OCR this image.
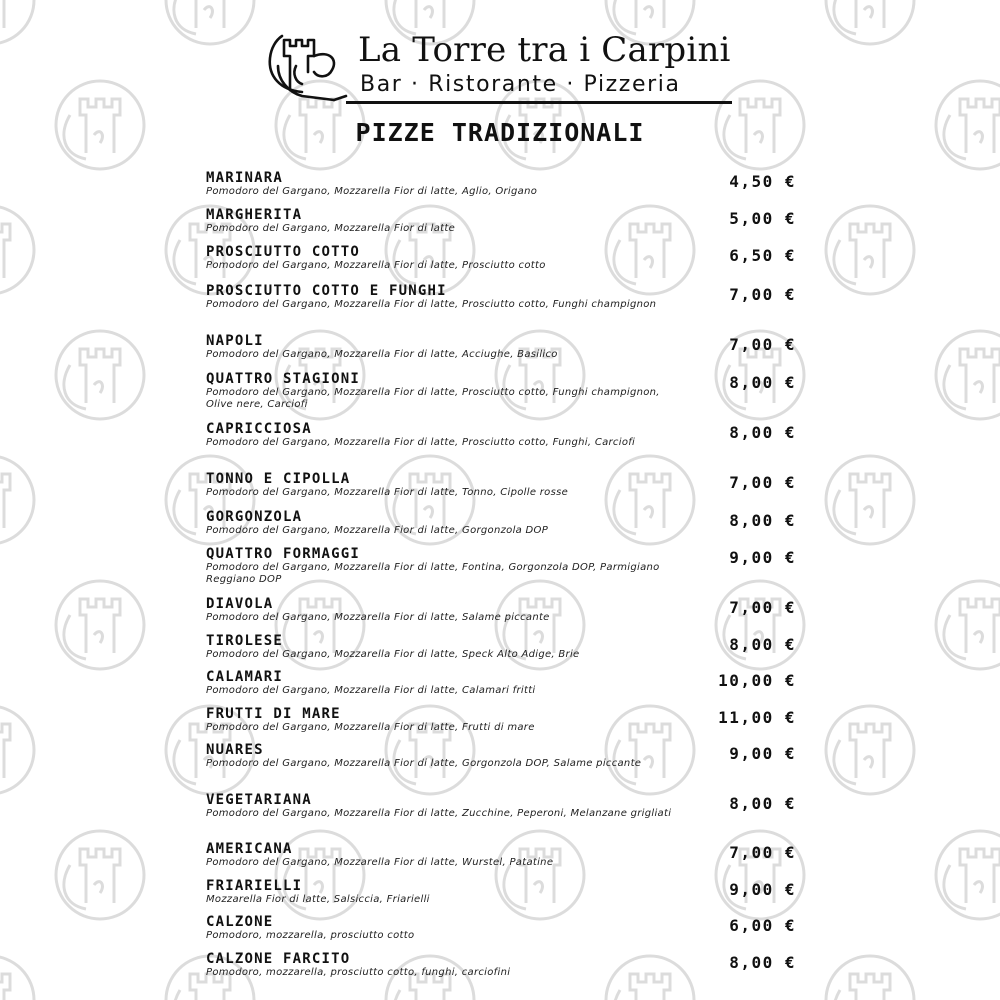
La Torre tra i Carpini
Bar · Ristorante · Pizzeria
PIZZE TRADIZIONALI
MARINARA
Pomodoro del Gargano, Mozzarella Fior di latte, Aglio, Origano
4,50 €
MARGHERITA
Pomodoro del Gargano, Mozzarella Fior di latte
5,00 €
PROSCIUTTO COTTO
Pomodoro del Gargano, Mozzarella Fior di latte, Prosciutto cotto
6,50 €
PROSCIUTTO COTTO E FUNGHI
Pomodoro del Gargano, Mozzarella Fior di latte, Prosciutto cotto, Funghi champignon
7,00 €
NAPOLI
Pomodoro del Gargano, Mozzarella Fior di latte, Acciughe, Basilico
7,00 €
QUATTRO STAGIONI
Pomodoro del Gargano, Mozzarella Fior di latte, Prosciutto cotto, Funghi champignon, Olive nere, Carciofi
8,00 €
CAPRICCIOSA
Pomodoro del Gargano, Mozzarella Fior di latte, Prosciutto cotto, Funghi, Carciofi
8,00 €
TONNO E CIPOLLA
Pomodoro del Gargano, Mozzarella Fior di latte, Tonno, Cipolle rosse
7,00 €
GORGONZOLA
Pomodoro del Gargano, Mozzarella Fior di latte, Gorgonzola DOP
8,00 €
QUATTRO FORMAGGI
Pomodoro del Gargano, Mozzarella Fior di latte, Fontina, Gorgonzola DOP, Parmigiano Reggiano DOP
9,00 €
DIAVOLA
Pomodoro del Gargano, Mozzarella Fior di latte, Salame piccante
7,00 €
TIROLESE
Pomodoro del Gargano, Mozzarella Fior di latte, Speck Alto Adige, Brie
8,00 €
CALAMARI
Pomodoro del Gargano, Mozzarella Fior di latte, Calamari fritti
10,00 €
FRUTTI DI MARE
Pomodoro del Gargano, Mozzarella Fior di latte, Frutti di mare
11,00 €
NUARES
Pomodoro del Gargano, Mozzarella Fior di latte, Gorgonzola DOP, Salame piccante
9,00 €
VEGETARIANA
Pomodoro del Gargano, Mozzarella Fior di latte, Zucchine, Peperoni, Melanzane grigliati
8,00 €
AMERICANA
Pomodoro del Gargano, Mozzarella Fior di latte, Wurstel, Patatine
7,00 €
FRIARIELLI
Mozzarella Fior di latte, Salsiccia, Friarielli
9,00 €
CALZONE
Pomodoro, mozzarella, prosciutto cotto
6,00 €
CALZONE FARCITO
Pomodoro, mozzarella, prosciutto cotto, funghi, carciofini
8,00 €
